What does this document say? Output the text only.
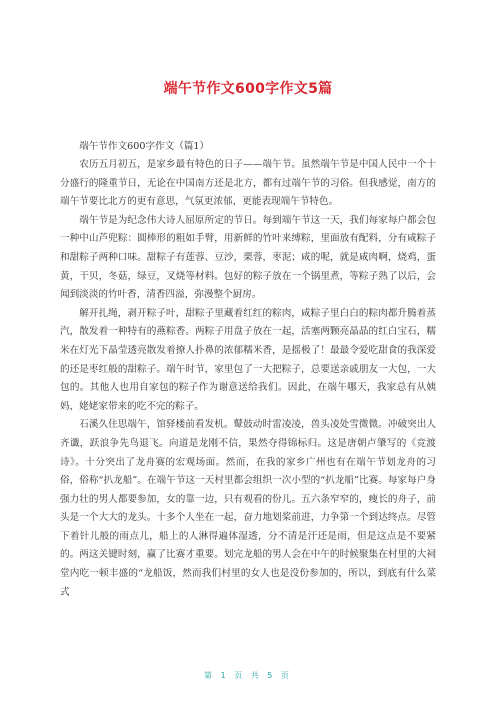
端午节作文600字作文5篇

端午节作文600字作文（篇1）

农历五月初五，是家乡最有特色的日子——端午节。虽然端午节是中国人民中一个十分盛行的隆重节日，无论在中国南方还是北方，都有过端午节的习俗。但我感觉，南方的端午节要比北方的更有意思，气氛更浓郁，更能表现端午节特色。

端午节是为纪念伟大诗人屈原所定的节日。每到端午节这一天，我们每家每户都会包一种中山芦兜粽：圆棒形的粗如手臂，用新鲜的竹叶来缚粽，里面放有配料，分有咸粽子和甜粽子两种口味。甜粽子有莲蓉、豆沙，栗蓉，枣泥；咸的呢，就是咸肉啊，烧鸡，蛋黄，干贝，冬菇，绿豆，叉烧等材料。包好的粽子放在一个锅里煮，等粽子熟了以后，会闻到淡淡的竹叶香，清香四溢，弥漫整个厨房。

解开扎绳，剥开粽子叶，甜粽子里藏着红红的粽肉，咸粽子里白白的粽肉都升腾着蒸汽，散发着一种特有的燕粽香。两粽子用盘子放在一起，活塞两颗亮晶晶的红白宝石，糯米在灯光下晶莹透亮散发着撩人扑鼻的浓郁糯米香，是摇极了！最最令爱吃甜食的我深爱的还是枣红般的甜粽子。端午时节，家里包了一大把粽子，总要送亲戚朋友一大包，一大包的。其他人也用自家包的粽子作为谢意送给我们。因此，在端午哪天，我家总有从姨妈，姥姥家带来的吃不完的粽子。

石溪久住思端午，馆驿楼前看发机。鼙鼓动时雷凌凌，兽头凌处雪微微。冲破突出人齐谶，跃浪争先鸟退飞。向道是龙刚不信，果然夺得锦标归。这是唐朝卢肇写的《竞渡诗》。十分突出了龙舟赛的宏观场面。然而，在我的家乡广州也有在端午节划龙舟的习俗，俗称“扒龙船”。在端午节这一天村里都会组织一次小型的“扒龙船”比赛。每家每户身强力壮的男人都要参加，女的靠一边，只有观看的份儿。五六条窄窄的，瘦长的舟子，前头是一个大大的龙头。十多个人坐在一起，奋力地划桨前进，力争第一个到达终点。尽管下着针儿般的雨点儿，船上的人淋得遍体湿透，分不清是汗还是雨，但是这点是不要紧的。两这关键时刻，赢了比赛才重要。划完龙船的男人会在中午的时候聚集在村里的大祠堂内吃一顿丰盛的“龙船饭，然而我们村里的女人也是没份参加的，所以，到底有什么菜式

第 1 页 共 5 页
